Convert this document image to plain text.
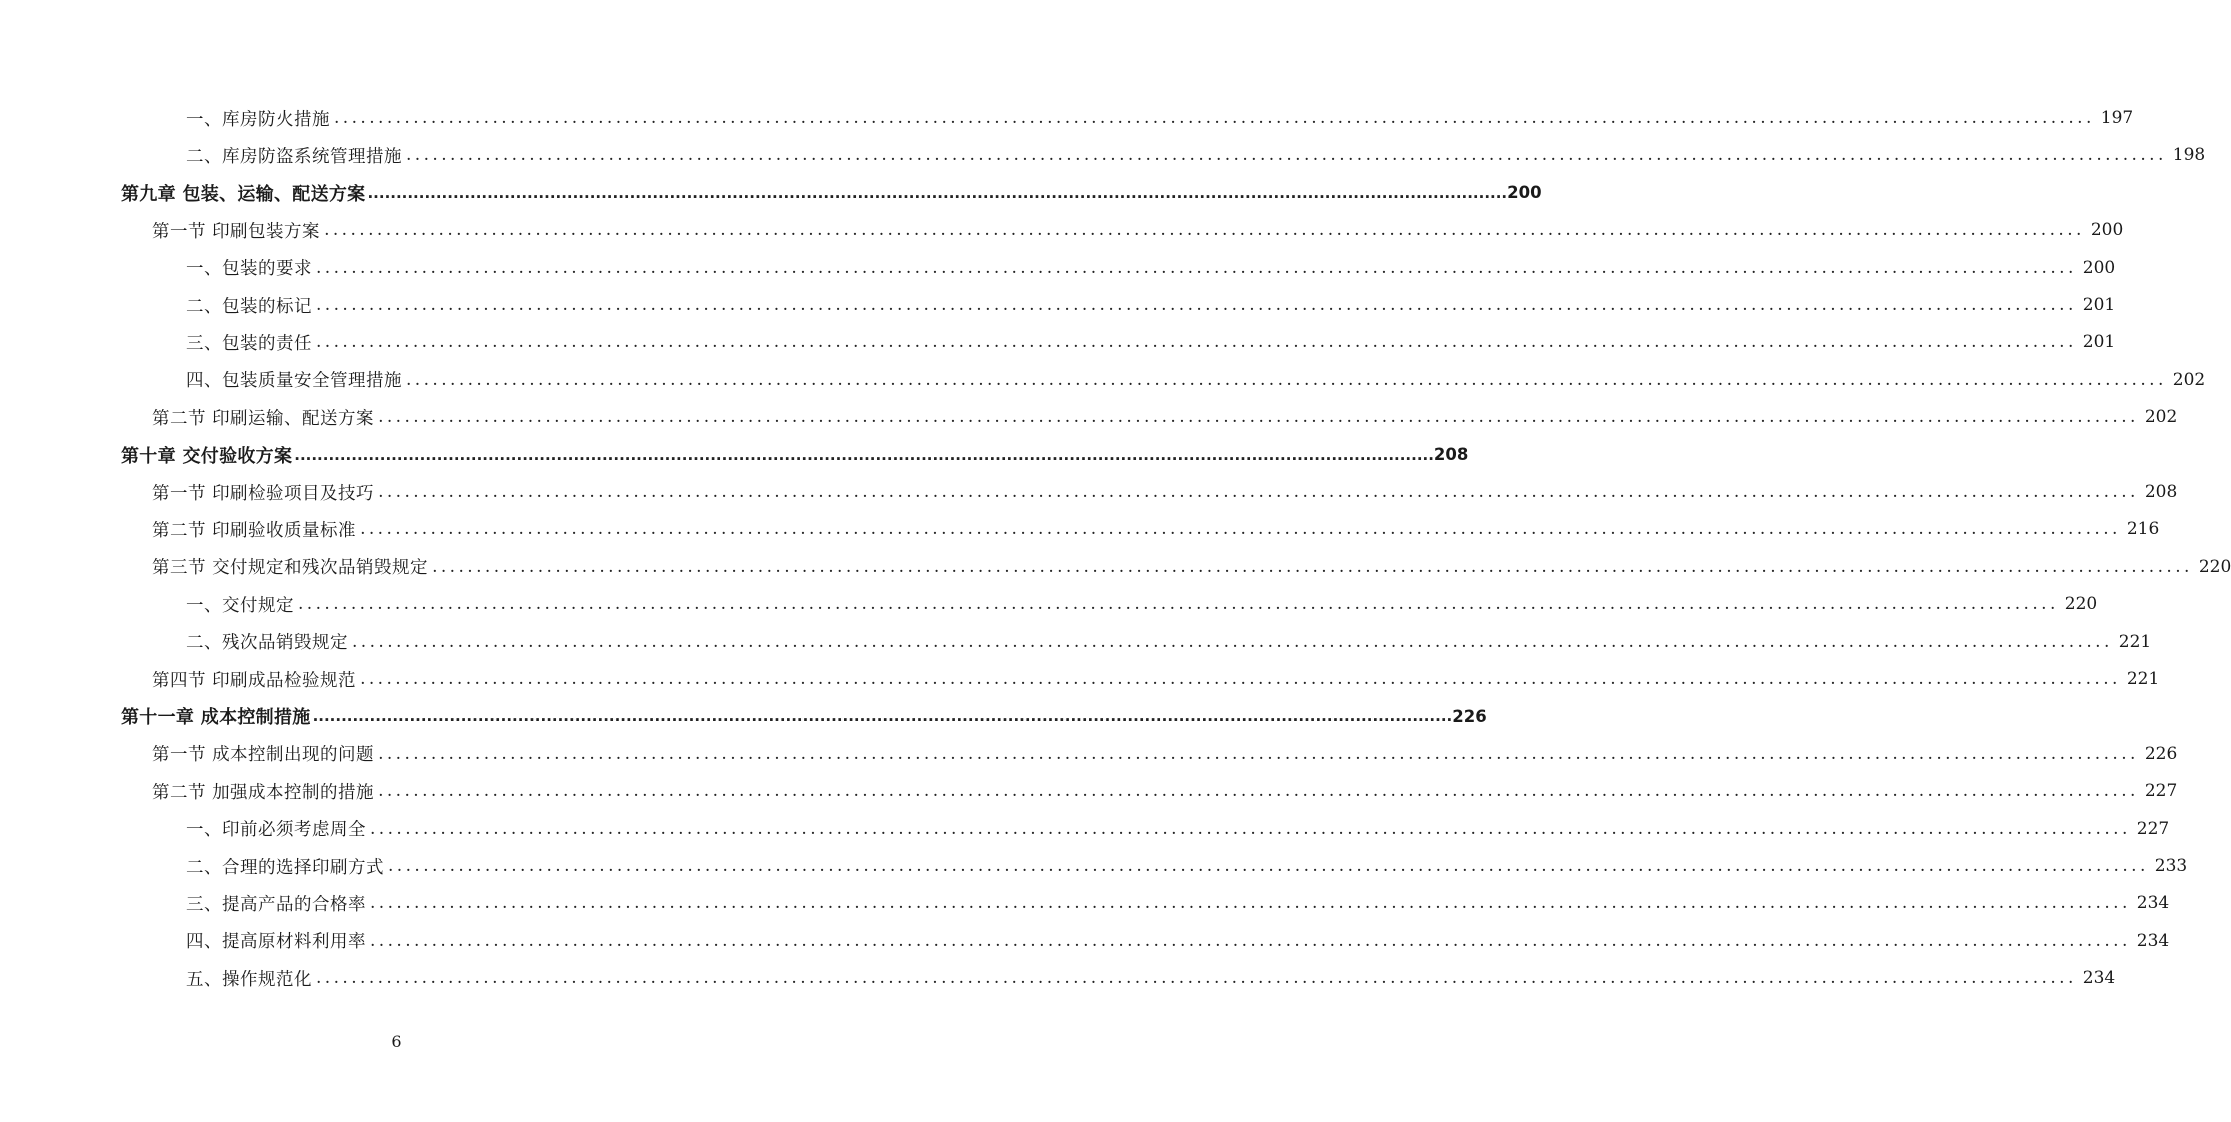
一、库房防火措施 ........................................................................................................................................................................................................ 197
二、库房防盗系统管理措施 ........................................................................................................................................................................................................ 198
第九章 包装、运输、配送方案 ........................................................................................................................................................................................................ 200
第一节 印刷包装方案 ........................................................................................................................................................................................................ 200
一、包装的要求 ........................................................................................................................................................................................................ 200
二、包装的标记 ........................................................................................................................................................................................................ 201
三、包装的责任 ........................................................................................................................................................................................................ 201
四、包装质量安全管理措施 ........................................................................................................................................................................................................ 202
第二节 印刷运输、配送方案 ........................................................................................................................................................................................................ 202
第十章 交付验收方案 ........................................................................................................................................................................................................ 208
第一节 印刷检验项目及技巧 ........................................................................................................................................................................................................ 208
第二节 印刷验收质量标准 ........................................................................................................................................................................................................ 216
第三节 交付规定和残次品销毁规定 ........................................................................................................................................................................................................ 220
一、交付规定 ........................................................................................................................................................................................................ 220
二、残次品销毁规定 ........................................................................................................................................................................................................ 221
第四节 印刷成品检验规范 ........................................................................................................................................................................................................ 221
第十一章 成本控制措施 ........................................................................................................................................................................................................ 226
第一节 成本控制出现的问题 ........................................................................................................................................................................................................ 226
第二节 加强成本控制的措施 ........................................................................................................................................................................................................ 227
一、印前必须考虑周全 ........................................................................................................................................................................................................ 227
二、合理的选择印刷方式 ........................................................................................................................................................................................................ 233
三、提高产品的合格率 ........................................................................................................................................................................................................ 234
四、提高原材料利用率 ........................................................................................................................................................................................................ 234
五、操作规范化 ........................................................................................................................................................................................................ 234
6
